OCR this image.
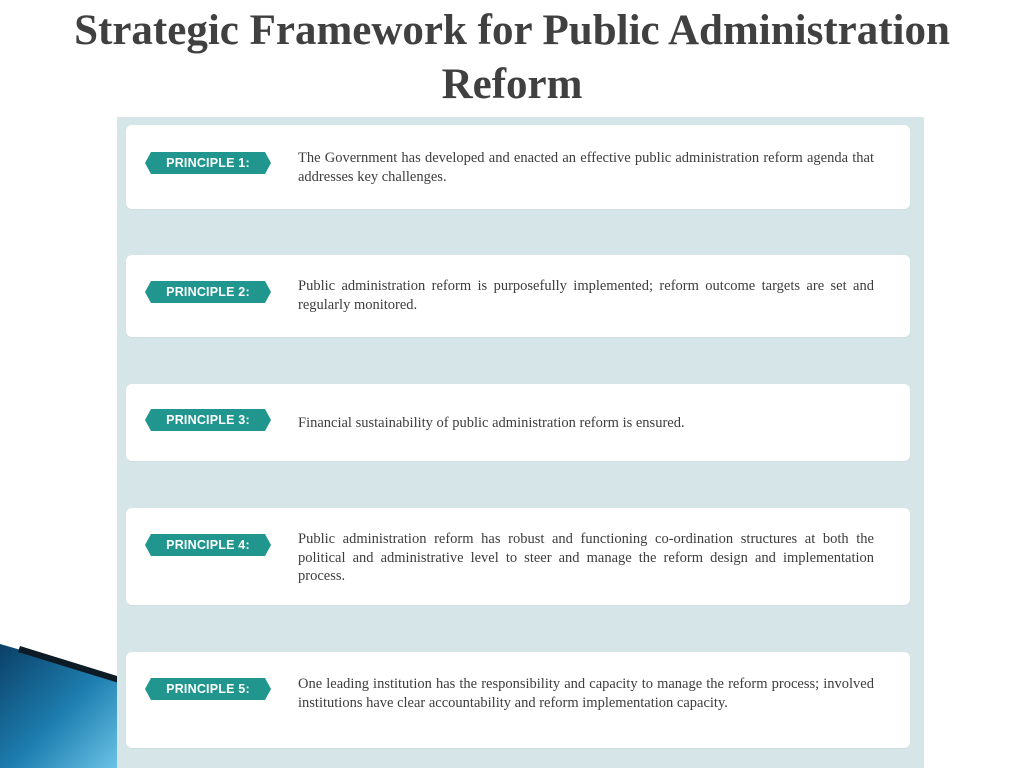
Strategic Framework for Public Administration Reform
PRINCIPLE 1:	The Government has developed and enacted an effective public administration reform agenda that addresses key challenges.
PRINCIPLE 2:	Public administration reform is purposefully implemented; reform outcome targets are set and regularly monitored.
PRINCIPLE 3:	Financial sustainability of public administration reform is ensured.
PRINCIPLE 4:	Public administration reform has robust and functioning co-ordination structures at both the political and administrative level to steer and manage the reform design and implementation process.
PRINCIPLE 5:	One leading institution has the responsibility and capacity to manage the reform process; involved institutions have clear accountability and reform implementation capacity.
